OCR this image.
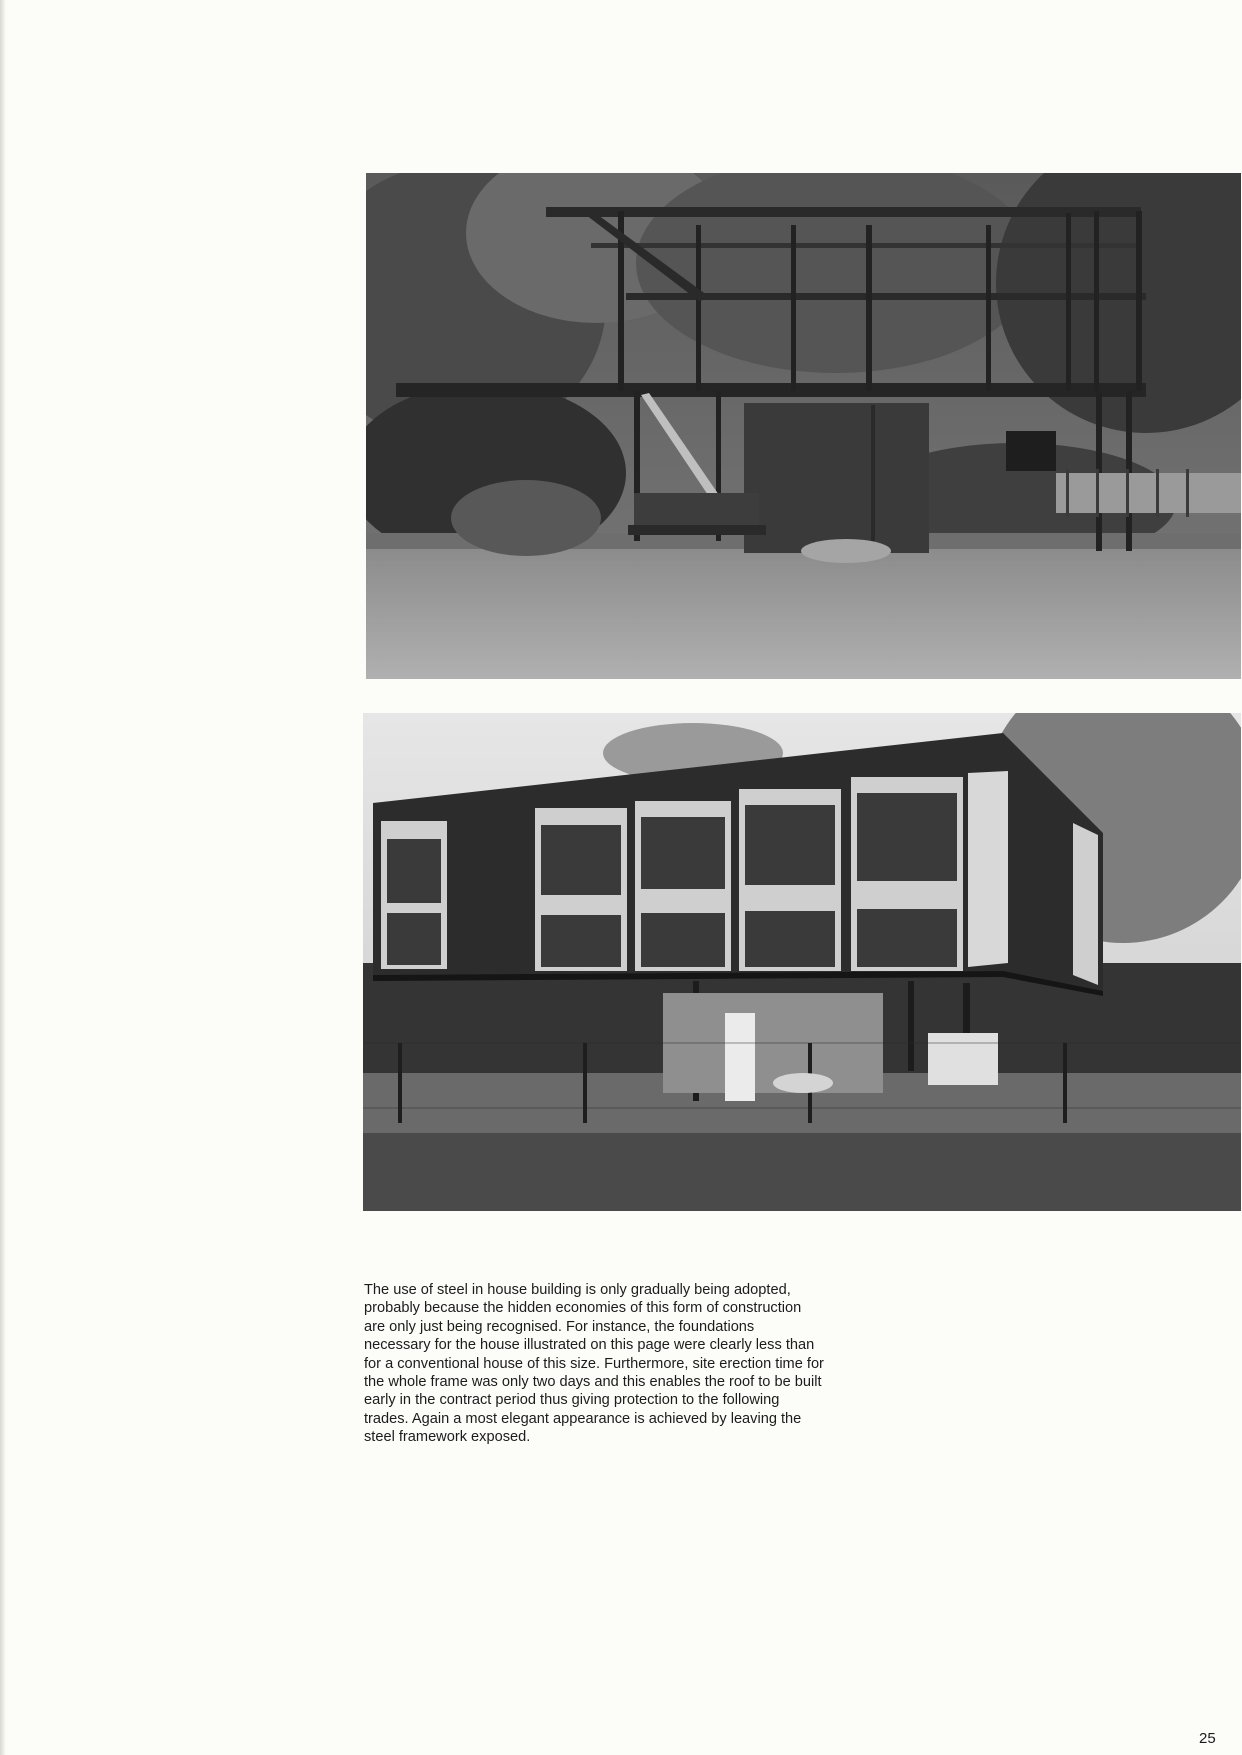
The use of steel in house building is only gradually being adopted, probably because the hidden economies of this form of construction are only just being recognised. For instance, the foundations necessary for the house illustrated on this page were clearly less than for a conventional house of this size. Furthermore, site erection time for the whole frame was only two days and this enables the roof to be built early in the contract period thus giving protection to the following trades. Again a most elegant appearance is achieved by leaving the steel framework exposed.

25
